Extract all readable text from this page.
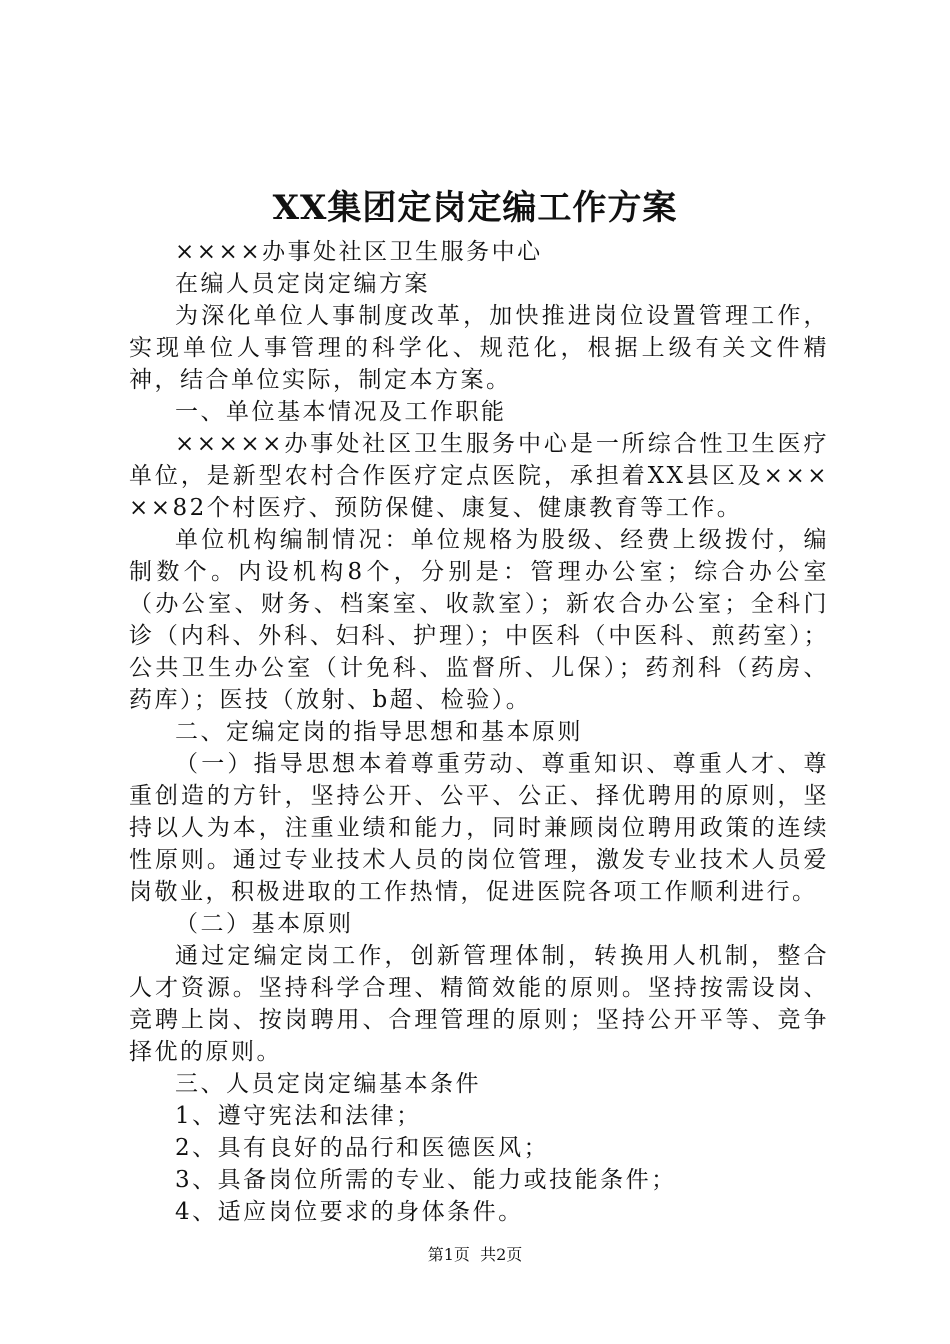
XX集团定岗定编工作方案

××××办事处社区卫生服务中心

在编人员定岗定编方案

为深化单位人事制度改革，加快推进岗位设置管理工作，实现单位人事管理的科学化、规范化，根据上级有关文件精神，结合单位实际，制定本方案。

一、单位基本情况及工作职能

×××××办事处社区卫生服务中心是一所综合性卫生医疗单位，是新型农村合作医疗定点医院，承担着XX县区及×××××82个村医疗、预防保健、康复、健康教育等工作。

单位机构编制情况：单位规格为股级、经费上级拨付，编制数个。内设机构8个，分别是：管理办公室；综合办公室（办公室、财务、档案室、收款室）；新农合办公室；全科门诊（内科、外科、妇科、护理）；中医科（中医科、煎药室）；公共卫生办公室（计免科、监督所、儿保）；药剂科（药房、药库）；医技（放射、b超、检验）。

二、定编定岗的指导思想和基本原则

（一）指导思想本着尊重劳动、尊重知识、尊重人才、尊重创造的方针，坚持公开、公平、公正、择优聘用的原则，坚持以人为本，注重业绩和能力，同时兼顾岗位聘用政策的连续性原则。通过专业技术人员的岗位管理，激发专业技术人员爱岗敬业，积极进取的工作热情，促进医院各项工作顺利进行。

（二）基本原则

通过定编定岗工作，创新管理体制，转换用人机制，整合人才资源。坚持科学合理、精简效能的原则。坚持按需设岗、竞聘上岗、按岗聘用、合理管理的原则；坚持公开平等、竞争择优的原则。

三、人员定岗定编基本条件

1、遵守宪法和法律；

2、具有良好的品行和医德医风；

3、具备岗位所需的专业、能力或技能条件；

4、适应岗位要求的身体条件。

第1页 共2页
